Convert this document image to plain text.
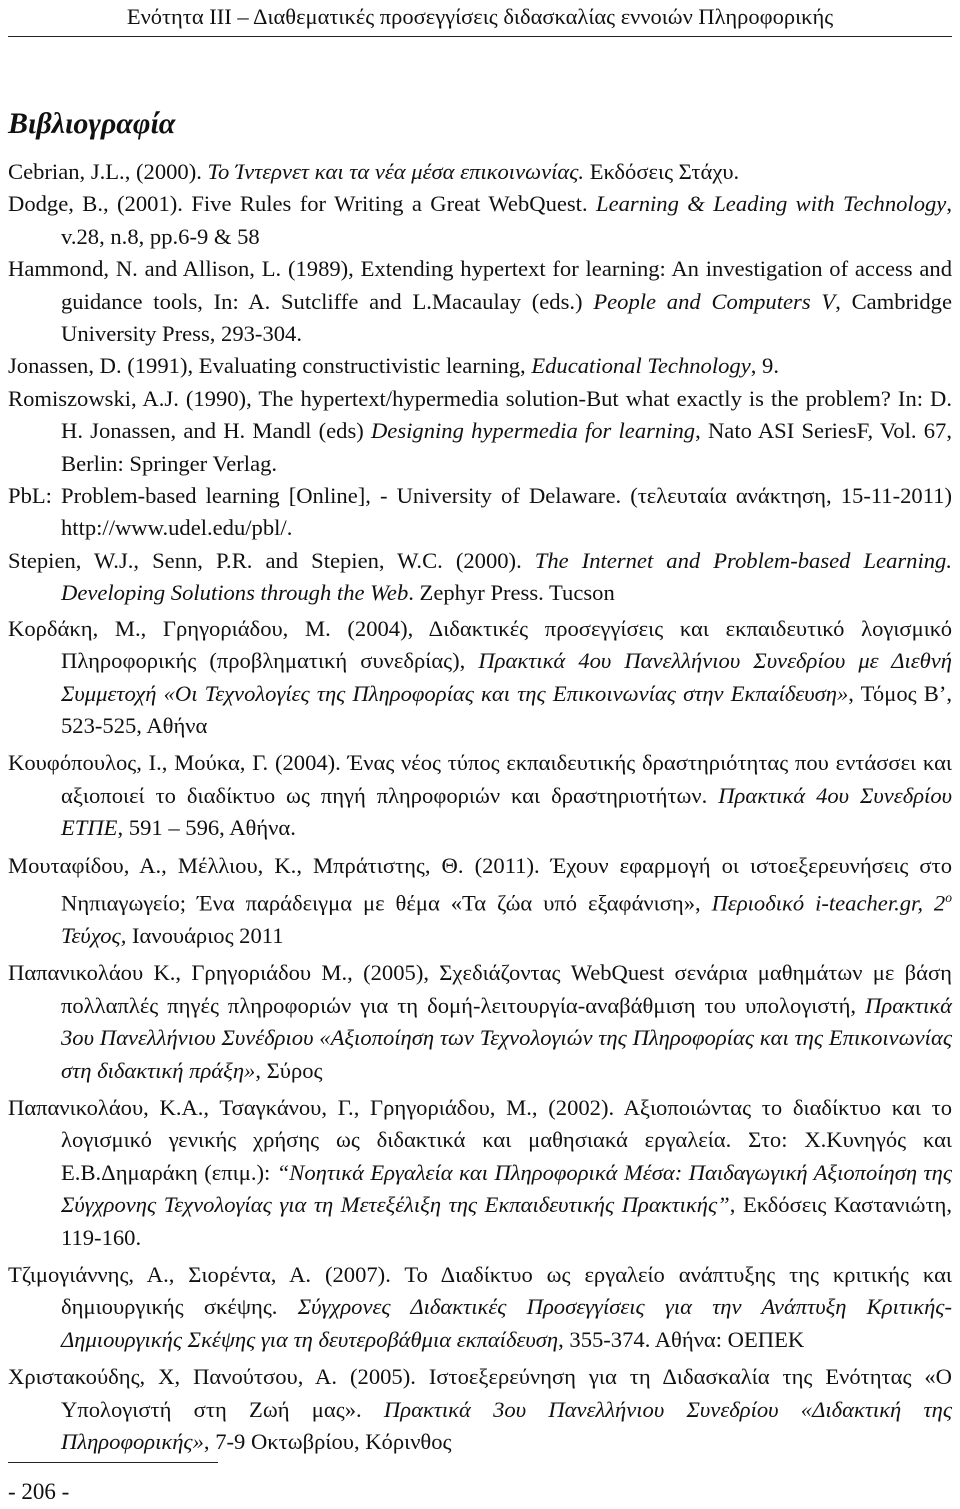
Ενότητα ΙΙΙ – Διαθεματικές προσεγγίσεις διδασκαλίας εννοιών Πληροφορικής
Βιβλιογραφία
Cebrian, J.L., (2000). Το Ίντερνετ και τα νέα μέσα επικοινωνίας. Εκδόσεις Στάχυ.
Dodge, B., (2001). Five Rules for Writing a Great WebQuest. Learning & Leading with Technology, v.28, n.8, pp.6-9 & 58
Hammond, N. and Allison, L. (1989), Extending hypertext for learning: An investigation of access and guidance tools, In: A. Sutcliffe and L.Macaulay (eds.) People and Computers V, Cambridge University Press, 293-304.
Jonassen, D. (1991), Evaluating constructivistic learning, Educational Technology, 9.
Romiszowski, A.J. (1990), The hypertext/hypermedia solution-But what exactly is the problem? In: D. H. Jonassen, and H. Mandl (eds) Designing hypermedia for learning, Nato ASI SeriesF, Vol. 67, Berlin: Springer Verlag.
PbL: Problem-based learning [Online], - University of Delaware. (τελευταία ανάκτηση, 15-11-2011) http://www.udel.edu/pbl/.
Stepien, W.J., Senn, P.R. and Stepien, W.C. (2000). The Internet and Problem-based Learning. Developing Solutions through the Web. Zephyr Press. Tucson
Κορδάκη, Μ., Γρηγοριάδου, Μ. (2004), Διδακτικές προσεγγίσεις και εκπαιδευτικό λογισμικό Πληροφορικής (προβληματική συνεδρίας), Πρακτικά 4ου Πανελλήνιου Συνεδρίου με Διεθνή Συμμετοχή «Οι Τεχνολογίες της Πληροφορίας και της Επικοινωνίας στην Εκπαίδευση», Τόμος Β’, 523-525, Αθήνα
Κουφόπουλος, Ι., Μούκα, Γ. (2004). Ένας νέος τύπος εκπαιδευτικής δραστηριότητας που εντάσσει και αξιοποιεί το διαδίκτυο ως πηγή πληροφοριών και δραστηριοτήτων. Πρακτικά 4ου Συνεδρίου ΕΤΠΕ, 591 – 596, Αθήνα.
Μουταφίδου, Α., Μέλλιου, Κ., Μπράτιστης, Θ. (2011). Έχουν εφαρμογή οι ιστοεξερευνήσεις στο Νηπιαγωγείο; Ένα παράδειγμα με θέμα «Τα ζώα υπό εξαφάνιση», Περιοδικό i-teacher.gr, $2^o$ Τεύχος, Ιανουάριος 2011
Παπανικολάου Κ., Γρηγοριάδου Μ., (2005), Σχεδιάζοντας WebQuest σενάρια μαθημάτων με βάση πολλαπλές πηγές πληροφοριών για τη δομή-λειτουργία-αναβάθμιση του υπολογιστή, Πρακτικά 3ου Πανελλήνιου Συνέδριου «Αξιοποίηση των Τεχνολογιών της Πληροφορίας και της Επικοινωνίας στη διδακτική πράξη», Σύρος
Παπανικολάου, Κ.Α., Τσαγκάνου, Γ., Γρηγοριάδου, Μ., (2002). Αξιοποιώντας το διαδίκτυο και το λογισμικό γενικής χρήσης ως διδακτικά και μαθησιακά εργαλεία. Στο: Χ.Κυνηγός και Ε.Β.Δημαράκη (επιμ.): “Νοητικά Εργαλεία και Πληροφορικά Μέσα: Παιδαγωγική Αξιοποίηση της Σύγχρονης Τεχνολογίας για τη Μετεξέλιξη της Εκπαιδευτικής Πρακτικής”, Εκδόσεις Καστανιώτη, 119-160.
Τζιμογιάννης, Α., Σιορέντα, Α. (2007). Το Διαδίκτυο ως εργαλείο ανάπτυξης της κριτικής και δημιουργικής σκέψης. Σύγχρονες Διδακτικές Προσεγγίσεις για την Ανάπτυξη Κριτικής-Δημιουργικής Σκέψης για τη δευτεροβάθμια εκπαίδευση, 355-374. Αθήνα: ΟΕΠΕΚ
Χριστακούδης, Χ, Πανούτσου, Α. (2005). Ιστοεξερεύνηση για τη Διδασκαλία της Ενότητας «Ο Υπολογιστή στη Ζωή μας». Πρακτικά 3ου Πανελλήνιου Συνεδρίου «Διδακτική της Πληροφορικής», 7-9 Οκτωβρίου, Κόρινθος
- 206 -
